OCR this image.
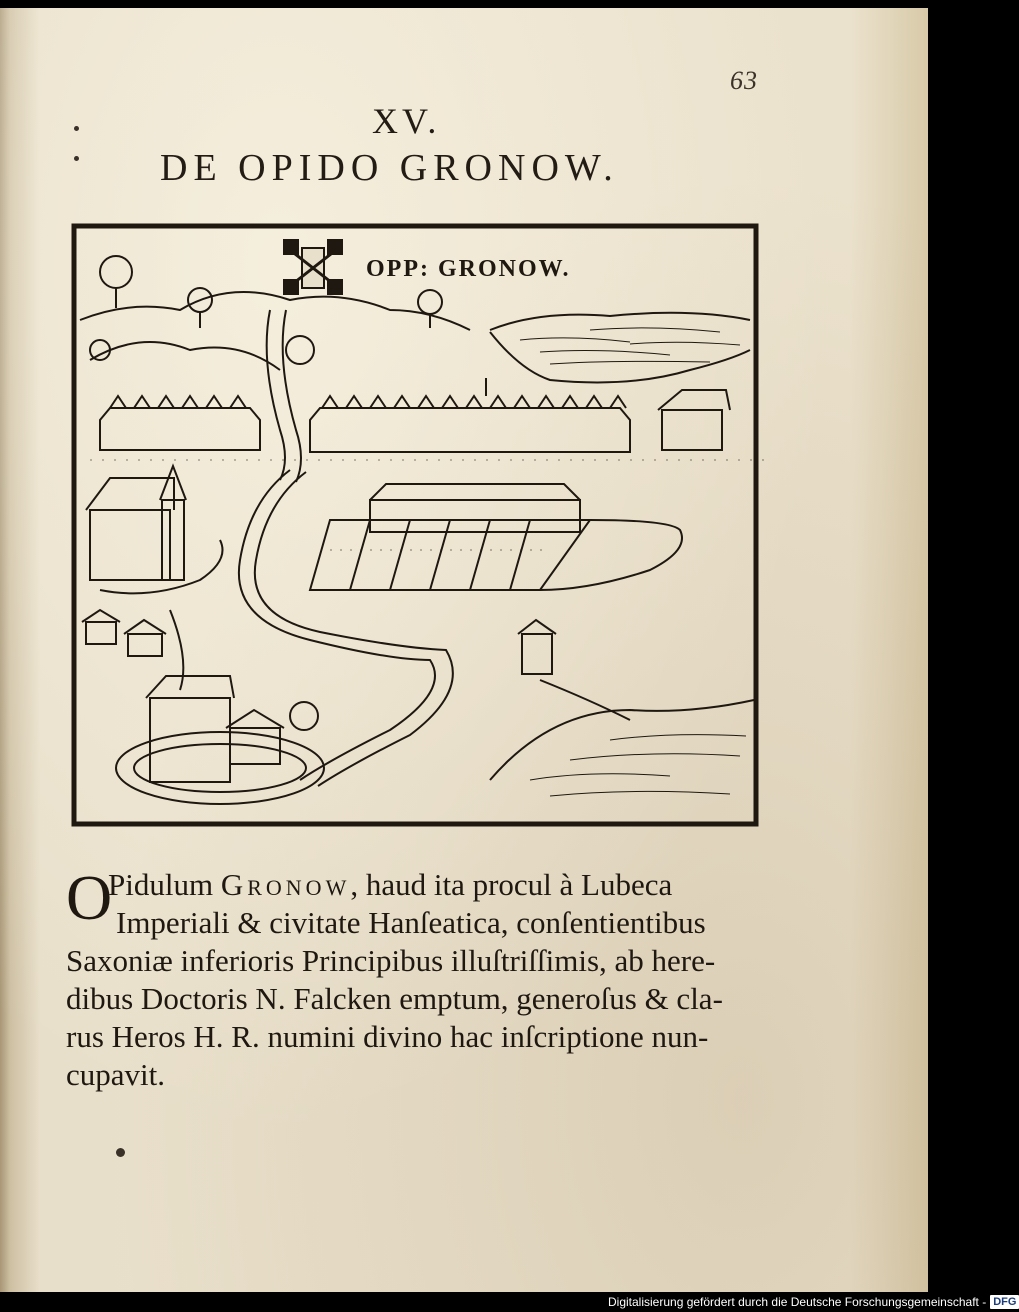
63
XV.
DE OPIDO GRONOW.
OPP: GRONOW.
O
Pidulum Gronow, haud ita procul à Lubeca
Imperiali & civitate Hanſeatica, conſentientibus
Saxoniæ inferioris Principibus illuſtriſſimis, ab here-
dibus Doctoris N. Falcken emptum, generoſus & cla-
rus Heros H. R. numini divino hac inſcriptione nun-
cupavit.
Digitalisierung gefördert durch die Deutsche Forschungsgemeinschaft - DFG
